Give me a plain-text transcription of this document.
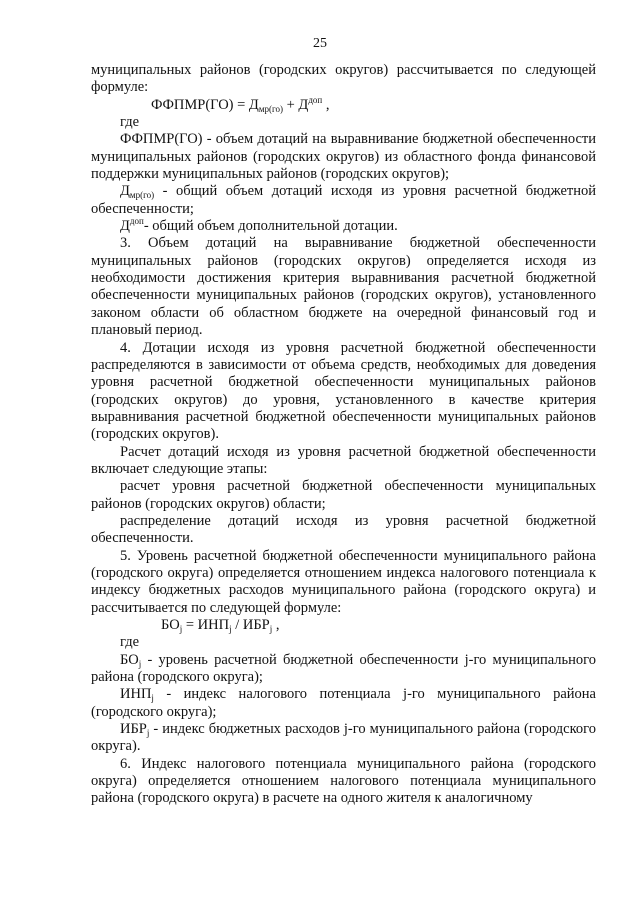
25

муниципальных районов (городских округов) рассчитывается по следующей формуле:

ФФПМР(ГО) = $Д_{мр(го)} + Д^{доп}$ ,

где

ФФПМР(ГО) - объем дотаций на выравнивание бюджетной обеспеченности муниципальных районов (городских округов) из областного фонда финансовой поддержки муниципальных районов (городских округов);

$Д_{мр(го)}$ - общий объем дотаций исходя из уровня расчетной бюджетной обеспеченности;

$Д^{доп}-$ общий объем дополнительной дотации.

3. Объем дотаций на выравнивание бюджетной обеспеченности муниципальных районов (городских округов) определяется исходя из необходимости достижения критерия выравнивания расчетной бюджетной обеспеченности муниципальных районов (городских округов), установленного законом области об областном бюджете на очередной финансовый год и плановый период.

4. Дотации исходя из уровня расчетной бюджетной обеспеченности распределяются в зависимости от объема средств, необходимых для доведения уровня расчетной бюджетной обеспеченности муниципальных районов (городских округов) до уровня, установленного в качестве критерия выравнивания расчетной бюджетной обеспеченности муниципальных районов (городских округов).

Расчет дотаций исходя из уровня расчетной бюджетной обеспеченности включает следующие этапы:

расчет уровня расчетной бюджетной обеспеченности муниципальных районов (городских округов) области;

распределение дотаций исходя из уровня расчетной бюджетной обеспеченности.

5. Уровень расчетной бюджетной обеспеченности муниципального района (городского округа) определяется отношением индекса налогового потенциала к индексу бюджетных расходов муниципального района (городского округа) и рассчитывается по следующей формуле:

$БО_j = ИНП_j / ИБР_j$ ,

где

$БО_j$ - уровень расчетной бюджетной обеспеченности j-го муниципального района (городского округа);

$ИНП_j$ - индекс налогового потенциала j-го муниципального района (городского округа);

$ИБР_j$ - индекс бюджетных расходов j-го муниципального района (городского округа).

6. Индекс налогового потенциала муниципального района (городского округа) определяется отношением налогового потенциала муниципального района (городского округа) в расчете на одного жителя к аналогичному
